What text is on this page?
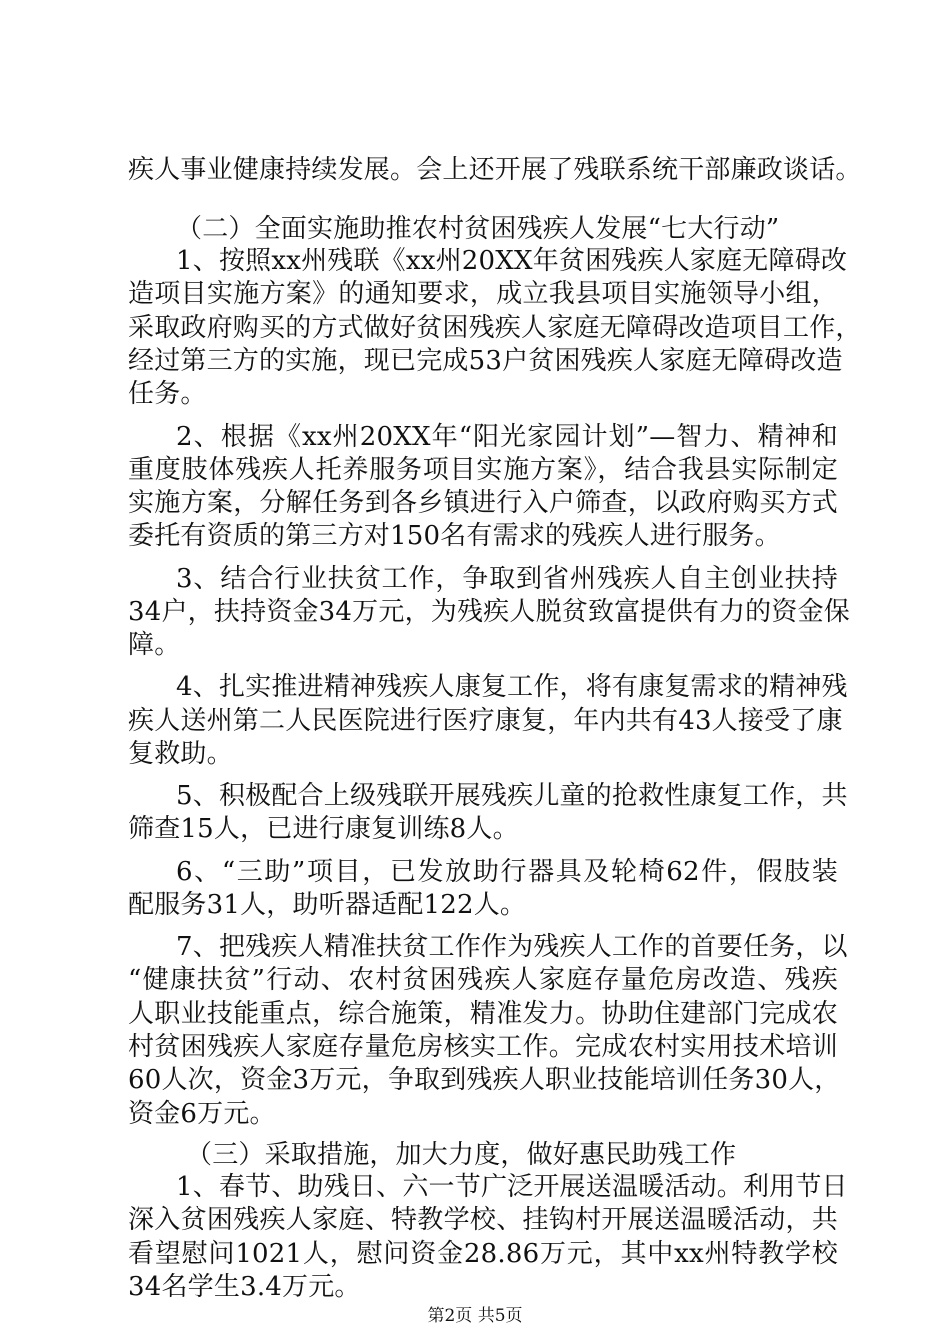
疾人事业健康持续发展。会上还开展了残联系统干部廉政谈话。
（二）全面实施助推农村贫困残疾人发展“七大行动”
1、按照xx州残联《xx州20XX年贫困残疾人家庭无障碍改
造项目实施方案》的通知要求，成立我县项目实施领导小组，
采取政府购买的方式做好贫困残疾人家庭无障碍改造项目工作，
经过第三方的实施，现已完成53户贫困残疾人家庭无障碍改造
任务。
2、根据《xx州20XX年“阳光家园计划”—智力、精神和
重度肢体残疾人托养服务项目实施方案》，结合我县实际制定
实施方案，分解任务到各乡镇进行入户筛查，以政府购买方式
委托有资质的第三方对150名有需求的残疾人进行服务。
3、结合行业扶贫工作，争取到省州残疾人自主创业扶持
34户，扶持资金34万元，为残疾人脱贫致富提供有力的资金保
障。
4、扎实推进精神残疾人康复工作，将有康复需求的精神残
疾人送州第二人民医院进行医疗康复，年内共有43人接受了康
复救助。
5、积极配合上级残联开展残疾儿童的抢救性康复工作，共
筛查15人，已进行康复训练8人。
6、“三助”项目，已发放助行器具及轮椅62件，假肢装
配服务31人，助听器适配122人。
7、把残疾人精准扶贫工作作为残疾人工作的首要任务，以
“健康扶贫”行动、农村贫困残疾人家庭存量危房改造、残疾
人职业技能重点，综合施策，精准发力。协助住建部门完成农
村贫困残疾人家庭存量危房核实工作。完成农村实用技术培训
60人次，资金3万元，争取到残疾人职业技能培训任务30人，
资金6万元。
（三）采取措施，加大力度，做好惠民助残工作
1、春节、助残日、六一节广泛开展送温暖活动。利用节日
深入贫困残疾人家庭、特教学校、挂钩村开展送温暖活动，共
看望慰问1021人，慰问资金28.86万元，其中xx州特教学校
34名学生3.4万元。
第2页 共5页
